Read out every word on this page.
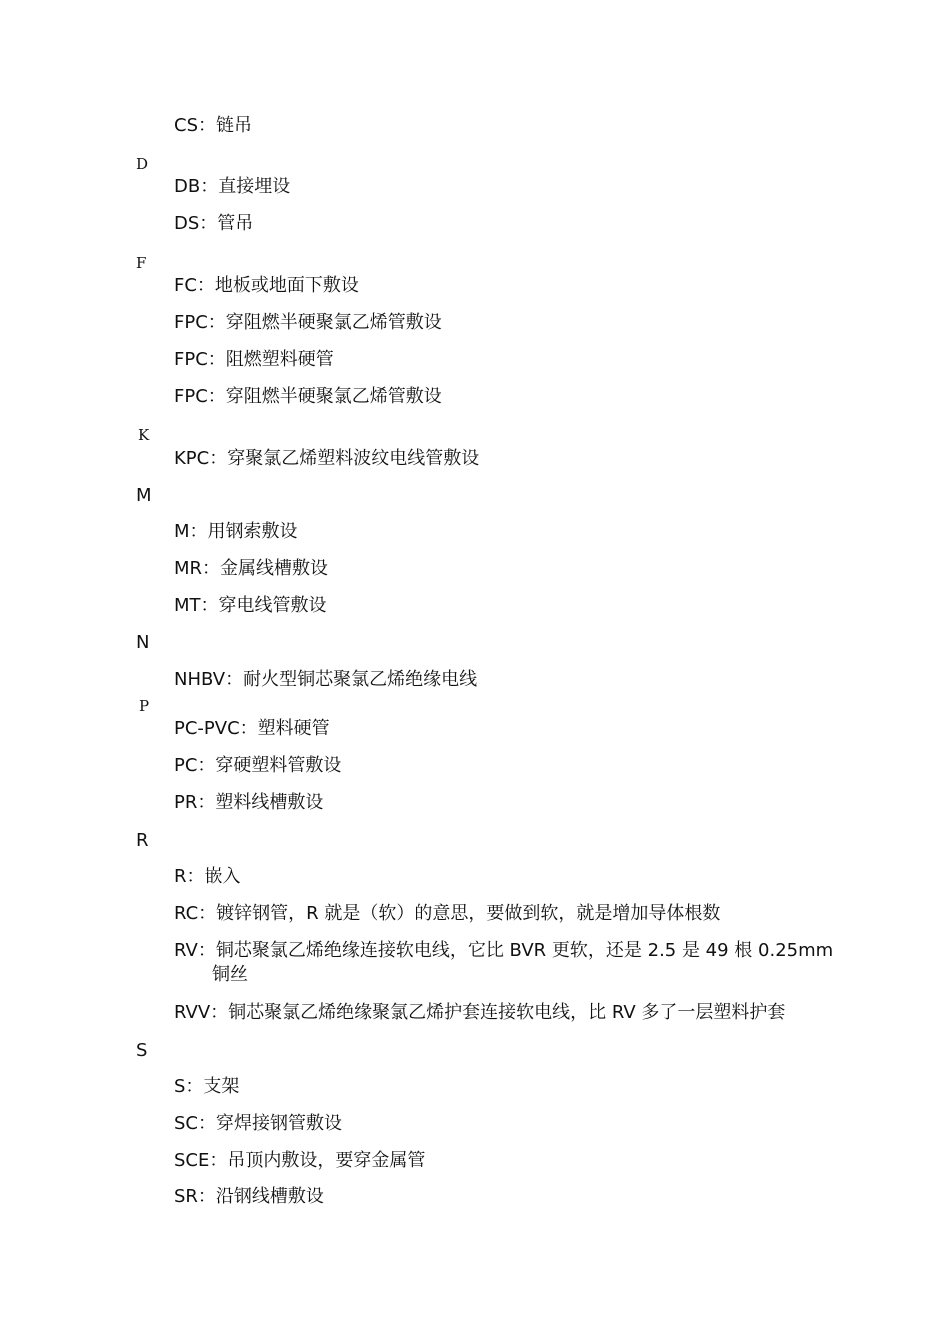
CS：链吊
D
DB：直接埋设
DS：管吊
F
FC：地板或地面下敷设
FPC：穿阻燃半硬聚氯乙烯管敷设
FPC：阻燃塑料硬管
FPC：穿阻燃半硬聚氯乙烯管敷设
K
KPC：穿聚氯乙烯塑料波纹电线管敷设
M
M：用钢索敷设
MR：金属线槽敷设
MT：穿电线管敷设
N
NHBV：耐火型铜芯聚氯乙烯绝缘电线
P
PC-PVC：塑料硬管
PC：穿硬塑料管敷设
PR：塑料线槽敷设
R
R：嵌入
RC：镀锌钢管，R 就是（软）的意思，要做到软，就是增加导体根数
RV：铜芯聚氯乙烯绝缘连接软电线，它比 BVR 更软，还是 2.5 是 49 根 0.25mm
铜丝
RVV：铜芯聚氯乙烯绝缘聚氯乙烯护套连接软电线，比 RV 多了一层塑料护套
S
S：支架
SC：穿焊接钢管敷设
SCE：吊顶内敷设，要穿金属管
SR：沿钢线槽敷设
